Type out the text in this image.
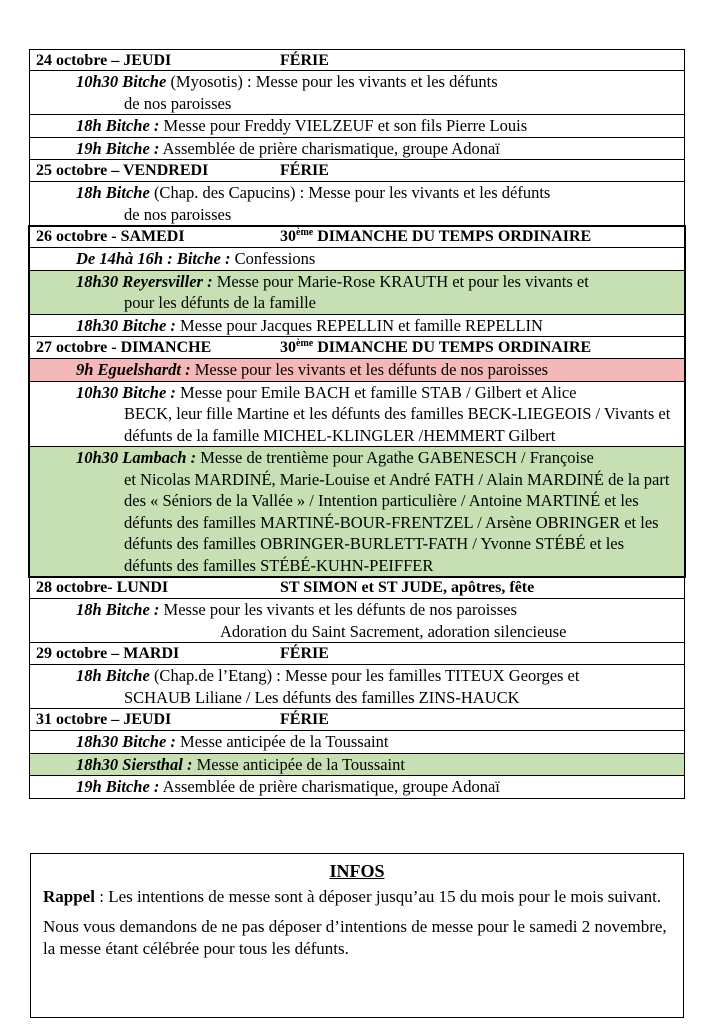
24 octobre – JEUDI	FÉRIE
10h30 Bitche (Myosotis) : Messe pour les vivants et les défunts
de nos paroisses
18h Bitche : Messe pour Freddy VIELZEUF et son fils Pierre Louis
19h Bitche : Assemblée de prière charismatique, groupe Adonaï
25 octobre – VENDREDI	FÉRIE
18h Bitche (Chap. des Capucins) : Messe pour les vivants et les défunts
de nos paroisses
26 octobre - SAMEDI	30ème DIMANCHE DU TEMPS ORDINAIRE
De 14hà 16h : Bitche : Confessions
18h30 Reyersviller : Messe pour Marie-Rose KRAUTH et pour les vivants et
pour les défunts de la famille
18h30 Bitche : Messe pour Jacques REPELLIN et famille REPELLIN
27 octobre - DIMANCHE	30ème DIMANCHE DU TEMPS ORDINAIRE
9h Eguelshardt : Messe pour les vivants et les défunts de nos paroisses
10h30 Bitche : Messe pour Emile BACH et famille STAB / Gilbert et Alice
BECK, leur fille Martine et les défunts des familles BECK-LIEGEOIS / Vivants et défunts de la famille MICHEL-KLINGLER /HEMMERT Gilbert
10h30 Lambach : Messe de trentième pour Agathe GABENESCH / Françoise
et Nicolas MARDINÉ, Marie-Louise et André FATH / Alain MARDINÉ de la part des « Séniors de la Vallée » / Intention particulière / Antoine MARTINÉ et les défunts des familles MARTINÉ-BOUR-FRENTZEL / Arsène OBRINGER et les défunts des familles OBRINGER-BURLETT-FATH / Yvonne STÉBÉ et les défunts des familles STÉBÉ-KUHN-PEIFFER
28 octobre- LUNDI	ST SIMON et ST JUDE, apôtres, fête
18h Bitche : Messe pour les vivants et les défunts de nos paroisses
Adoration du Saint Sacrement, adoration silencieuse
29 octobre – MARDI	FÉRIE
18h Bitche (Chap.de l’Etang) : Messe pour les familles TITEUX Georges et
SCHAUB Liliane / Les défunts des familles ZINS-HAUCK
31 octobre – JEUDI	FÉRIE
18h30 Bitche : Messe anticipée de la Toussaint
18h30 Siersthal : Messe anticipée de la Toussaint
19h Bitche : Assemblée de prière charismatique, groupe Adonaï
INFOS

Rappel : Les intentions de messe sont à déposer jusqu’au 15 du mois pour le mois suivant.

Nous vous demandons de ne pas déposer d’intentions de messe pour le samedi 2 novembre, la messe étant célébrée pour tous les défunts.
